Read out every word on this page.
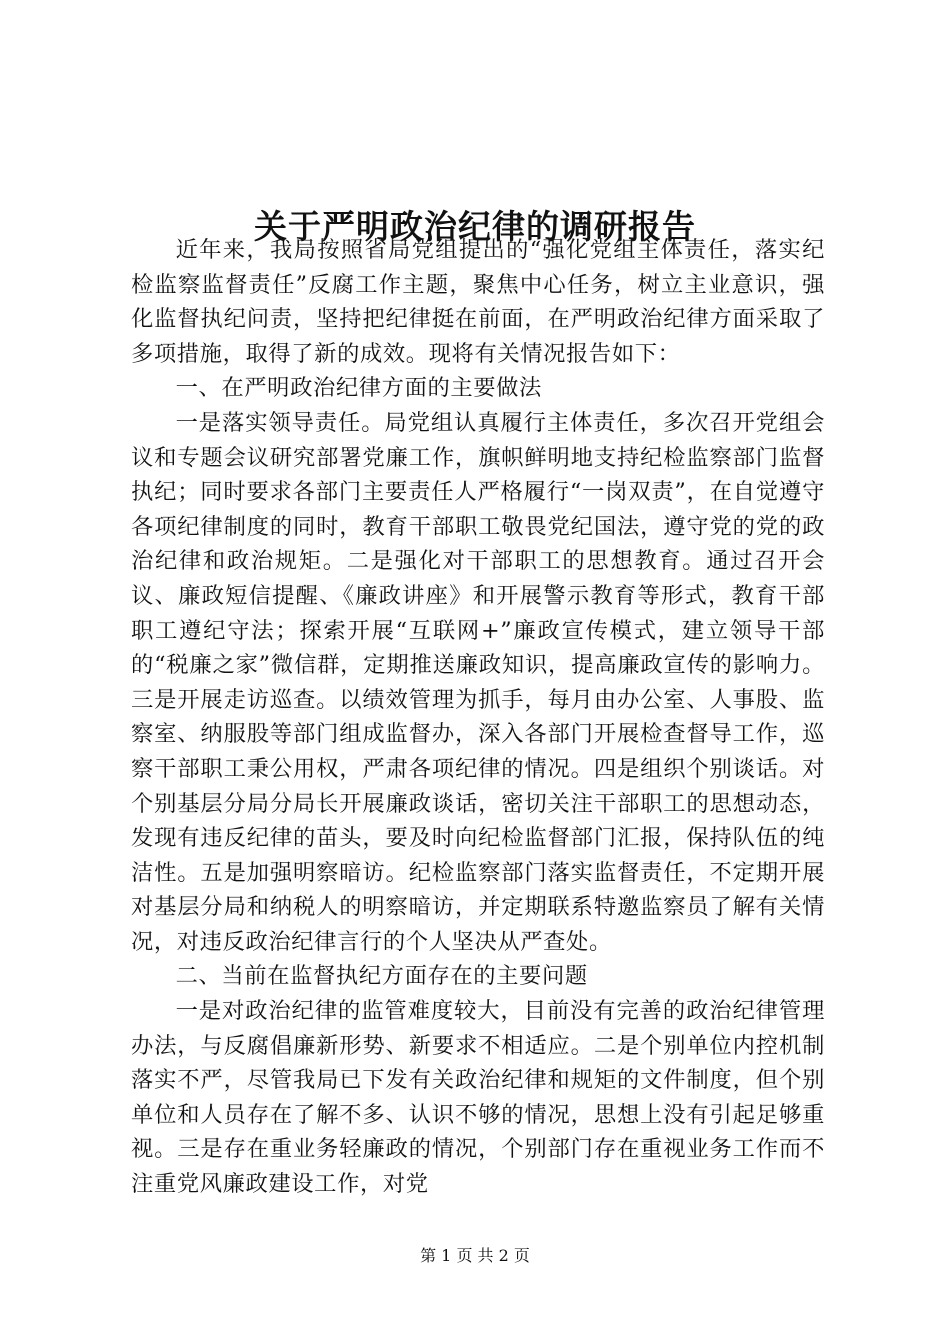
关于严明政治纪律的调研报告

近年来，我局按照省局党组提出的“强化党组主体责任，落实纪检监察监督责任”反腐工作主题，聚焦中心任务，树立主业意识，强化监督执纪问责，坚持把纪律挺在前面，在严明政治纪律方面采取了多项措施，取得了新的成效。现将有关情况报告如下：

一、在严明政治纪律方面的主要做法

一是落实领导责任。局党组认真履行主体责任，多次召开党组会议和专题会议研究部署党廉工作，旗帜鲜明地支持纪检监察部门监督执纪；同时要求各部门主要责任人严格履行“一岗双责”，在自觉遵守各项纪律制度的同时，教育干部职工敬畏党纪国法，遵守党的党的政治纪律和政治规矩。二是强化对干部职工的思想教育。通过召开会议、廉政短信提醒、《廉政讲座》和开展警示教育等形式，教育干部职工遵纪守法；探索开展“互联网+”廉政宣传模式，建立领导干部的“税廉之家”微信群，定期推送廉政知识，提高廉政宣传的影响力。三是开展走访巡查。以绩效管理为抓手，每月由办公室、人事股、监察室、纳服股等部门组成监督办，深入各部门开展检查督导工作，巡察干部职工秉公用权，严肃各项纪律的情况。四是组织个别谈话。对个别基层分局分局长开展廉政谈话，密切关注干部职工的思想动态，发现有违反纪律的苗头，要及时向纪检监督部门汇报，保持队伍的纯洁性。五是加强明察暗访。纪检监察部门落实监督责任，不定期开展对基层分局和纳税人的明察暗访，并定期联系特邀监察员了解有关情况，对违反政治纪律言行的个人坚决从严查处。

二、当前在监督执纪方面存在的主要问题

一是对政治纪律的监管难度较大，目前没有完善的政治纪律管理办法，与反腐倡廉新形势、新要求不相适应。二是个别单位内控机制落实不严，尽管我局已下发有关政治纪律和规矩的文件制度，但个别单位和人员存在了解不多、认识不够的情况，思想上没有引起足够重视。三是存在重业务轻廉政的情况，个别部门存在重视业务工作而不注重党风廉政建设工作，对党

第 1 页 共 2 页
